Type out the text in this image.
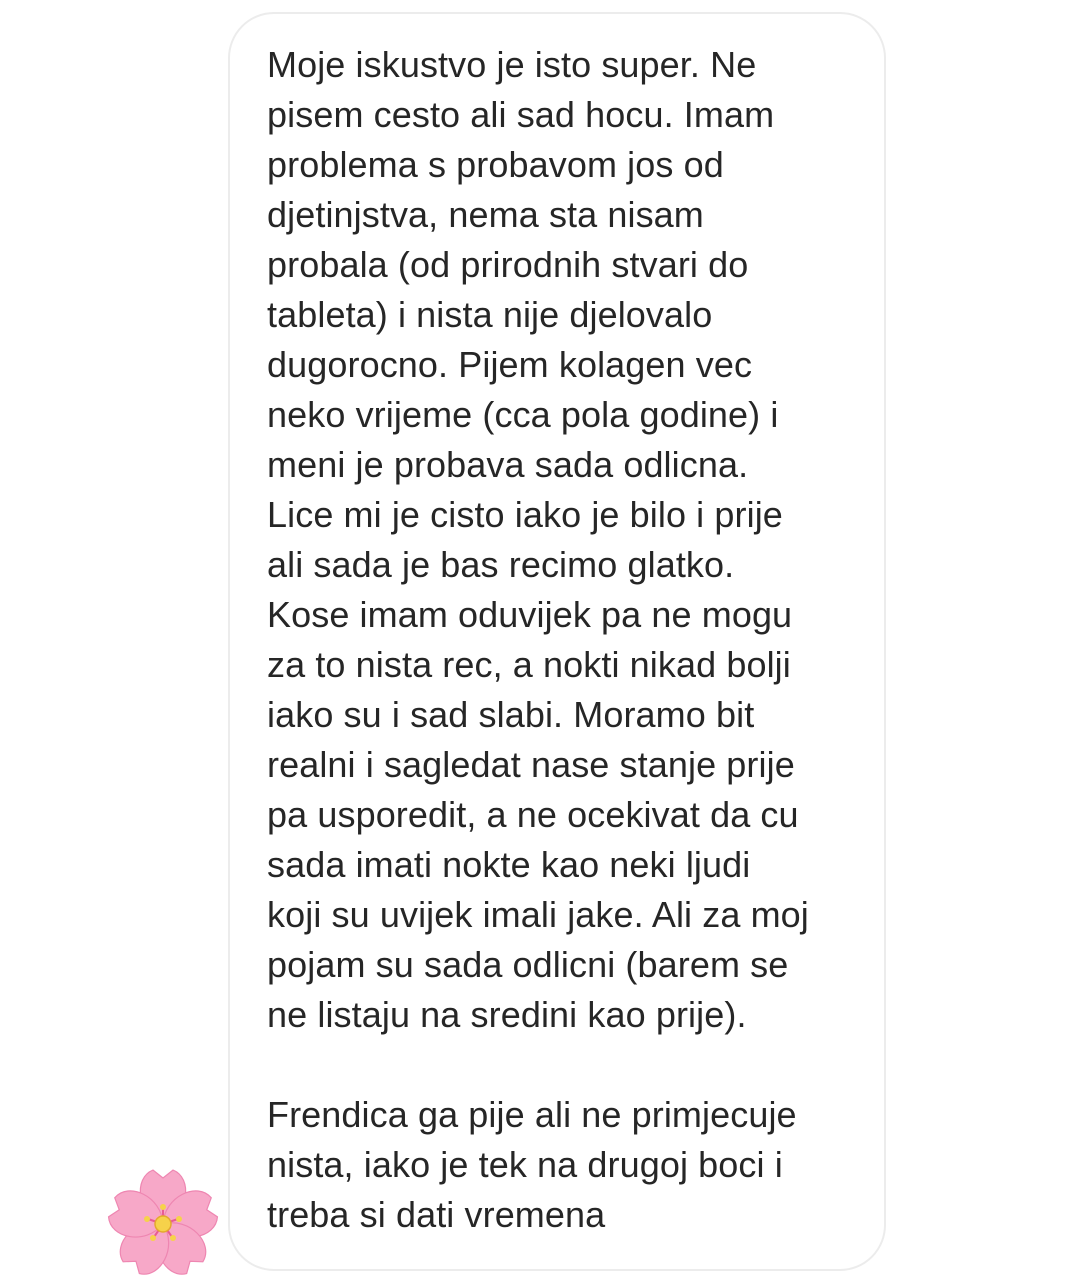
Moje iskustvo je isto super. Ne
pisem cesto ali sad hocu. Imam
problema s probavom jos od
djetinjstva, nema sta nisam
probala (od prirodnih stvari do
tableta) i nista nije djelovalo
dugorocno. Pijem kolagen vec
neko vrijeme (cca pola godine) i
meni je probava sada odlicna.
Lice mi je cisto iako je bilo i prije
ali sada je bas recimo glatko.
Kose imam oduvijek pa ne mogu
za to nista rec, a nokti nikad bolji
iako su i sad slabi. Moramo bit
realni i sagledat nase stanje prije
pa usporedit, a ne ocekivat da cu
sada imati nokte kao neki ljudi
koji su uvijek imali jake. Ali za moj
pojam su sada odlicni (barem se
ne listaju na sredini kao prije).

Frendica ga pije ali ne primjecuje
nista, iako je tek na drugoj boci i
treba si dati vremena
